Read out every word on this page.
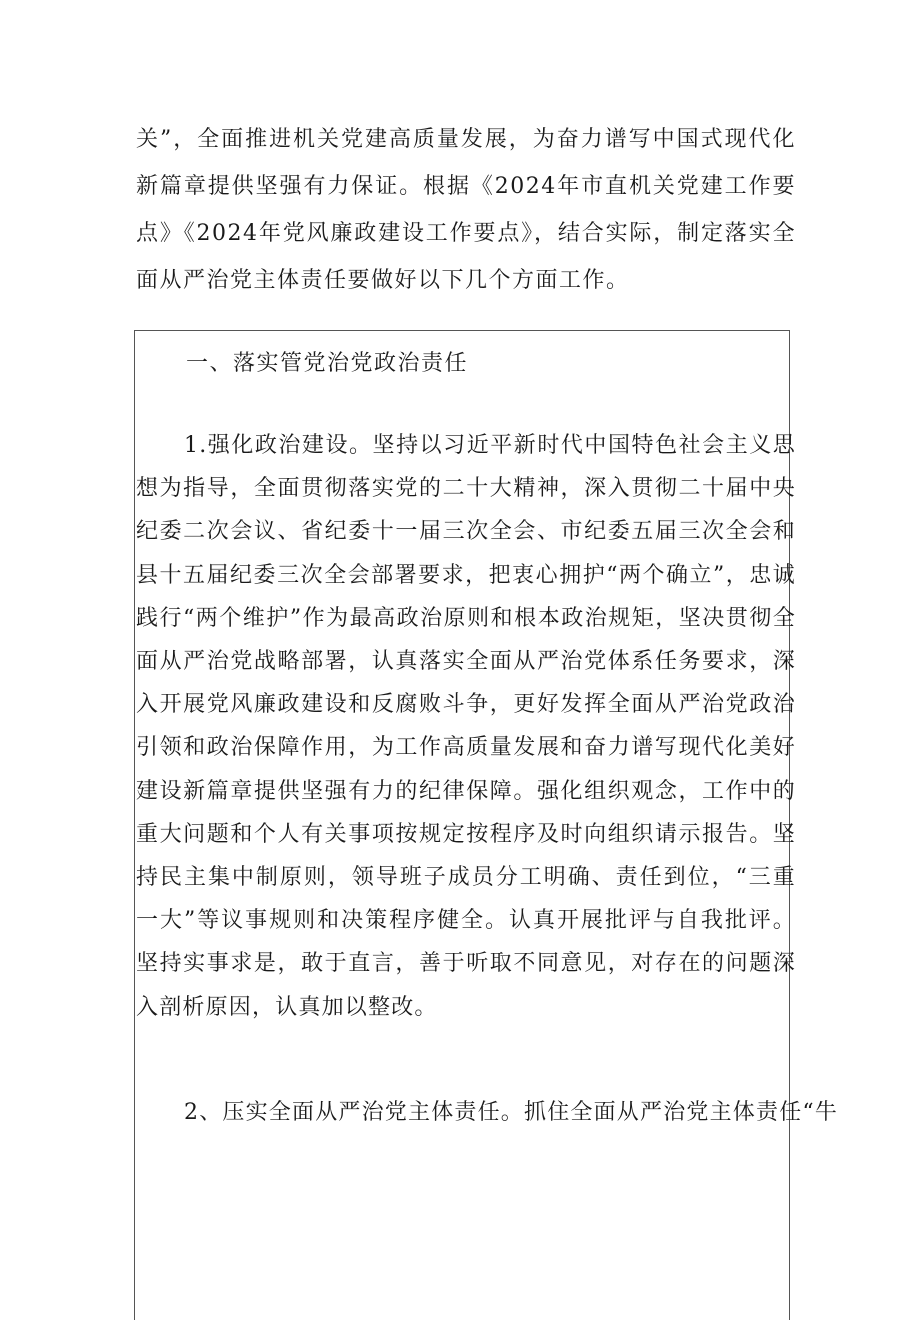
关”，全面推进机关党建高质量发展，为奋力谱写中国式现代化新篇章提供坚强有力保证。根据《2024年市直机关党建工作要点》《2024年党风廉政建设工作要点》，结合实际，制定落实全面从严治党主体责任要做好以下几个方面工作。

一、落实管党治党政治责任

1.强化政治建设。坚持以习近平新时代中国特色社会主义思想为指导，全面贯彻落实党的二十大精神，深入贯彻二十届中央纪委二次会议、省纪委十一届三次全会、市纪委五届三次全会和县十五届纪委三次全会部署要求，把衷心拥护“两个确立”，忠诚践行“两个维护”作为最高政治原则和根本政治规矩，坚决贯彻全面从严治党战略部署，认真落实全面从严治党体系任务要求，深入开展党风廉政建设和反腐败斗争，更好发挥全面从严治党政治引领和政治保障作用，为工作高质量发展和奋力谱写现代化美好建设新篇章提供坚强有力的纪律保障。强化组织观念，工作中的重大问题和个人有关事项按规定按程序及时向组织请示报告。坚持民主集中制原则，领导班子成员分工明确、责任到位，“三重一大”等议事规则和决策程序健全。认真开展批评与自我批评。坚持实事求是，敢于直言，善于听取不同意见，对存在的问题深入剖析原因，认真加以整改。

2、压实全面从严治党主体责任。抓住全面从严治党主体责任“牛
